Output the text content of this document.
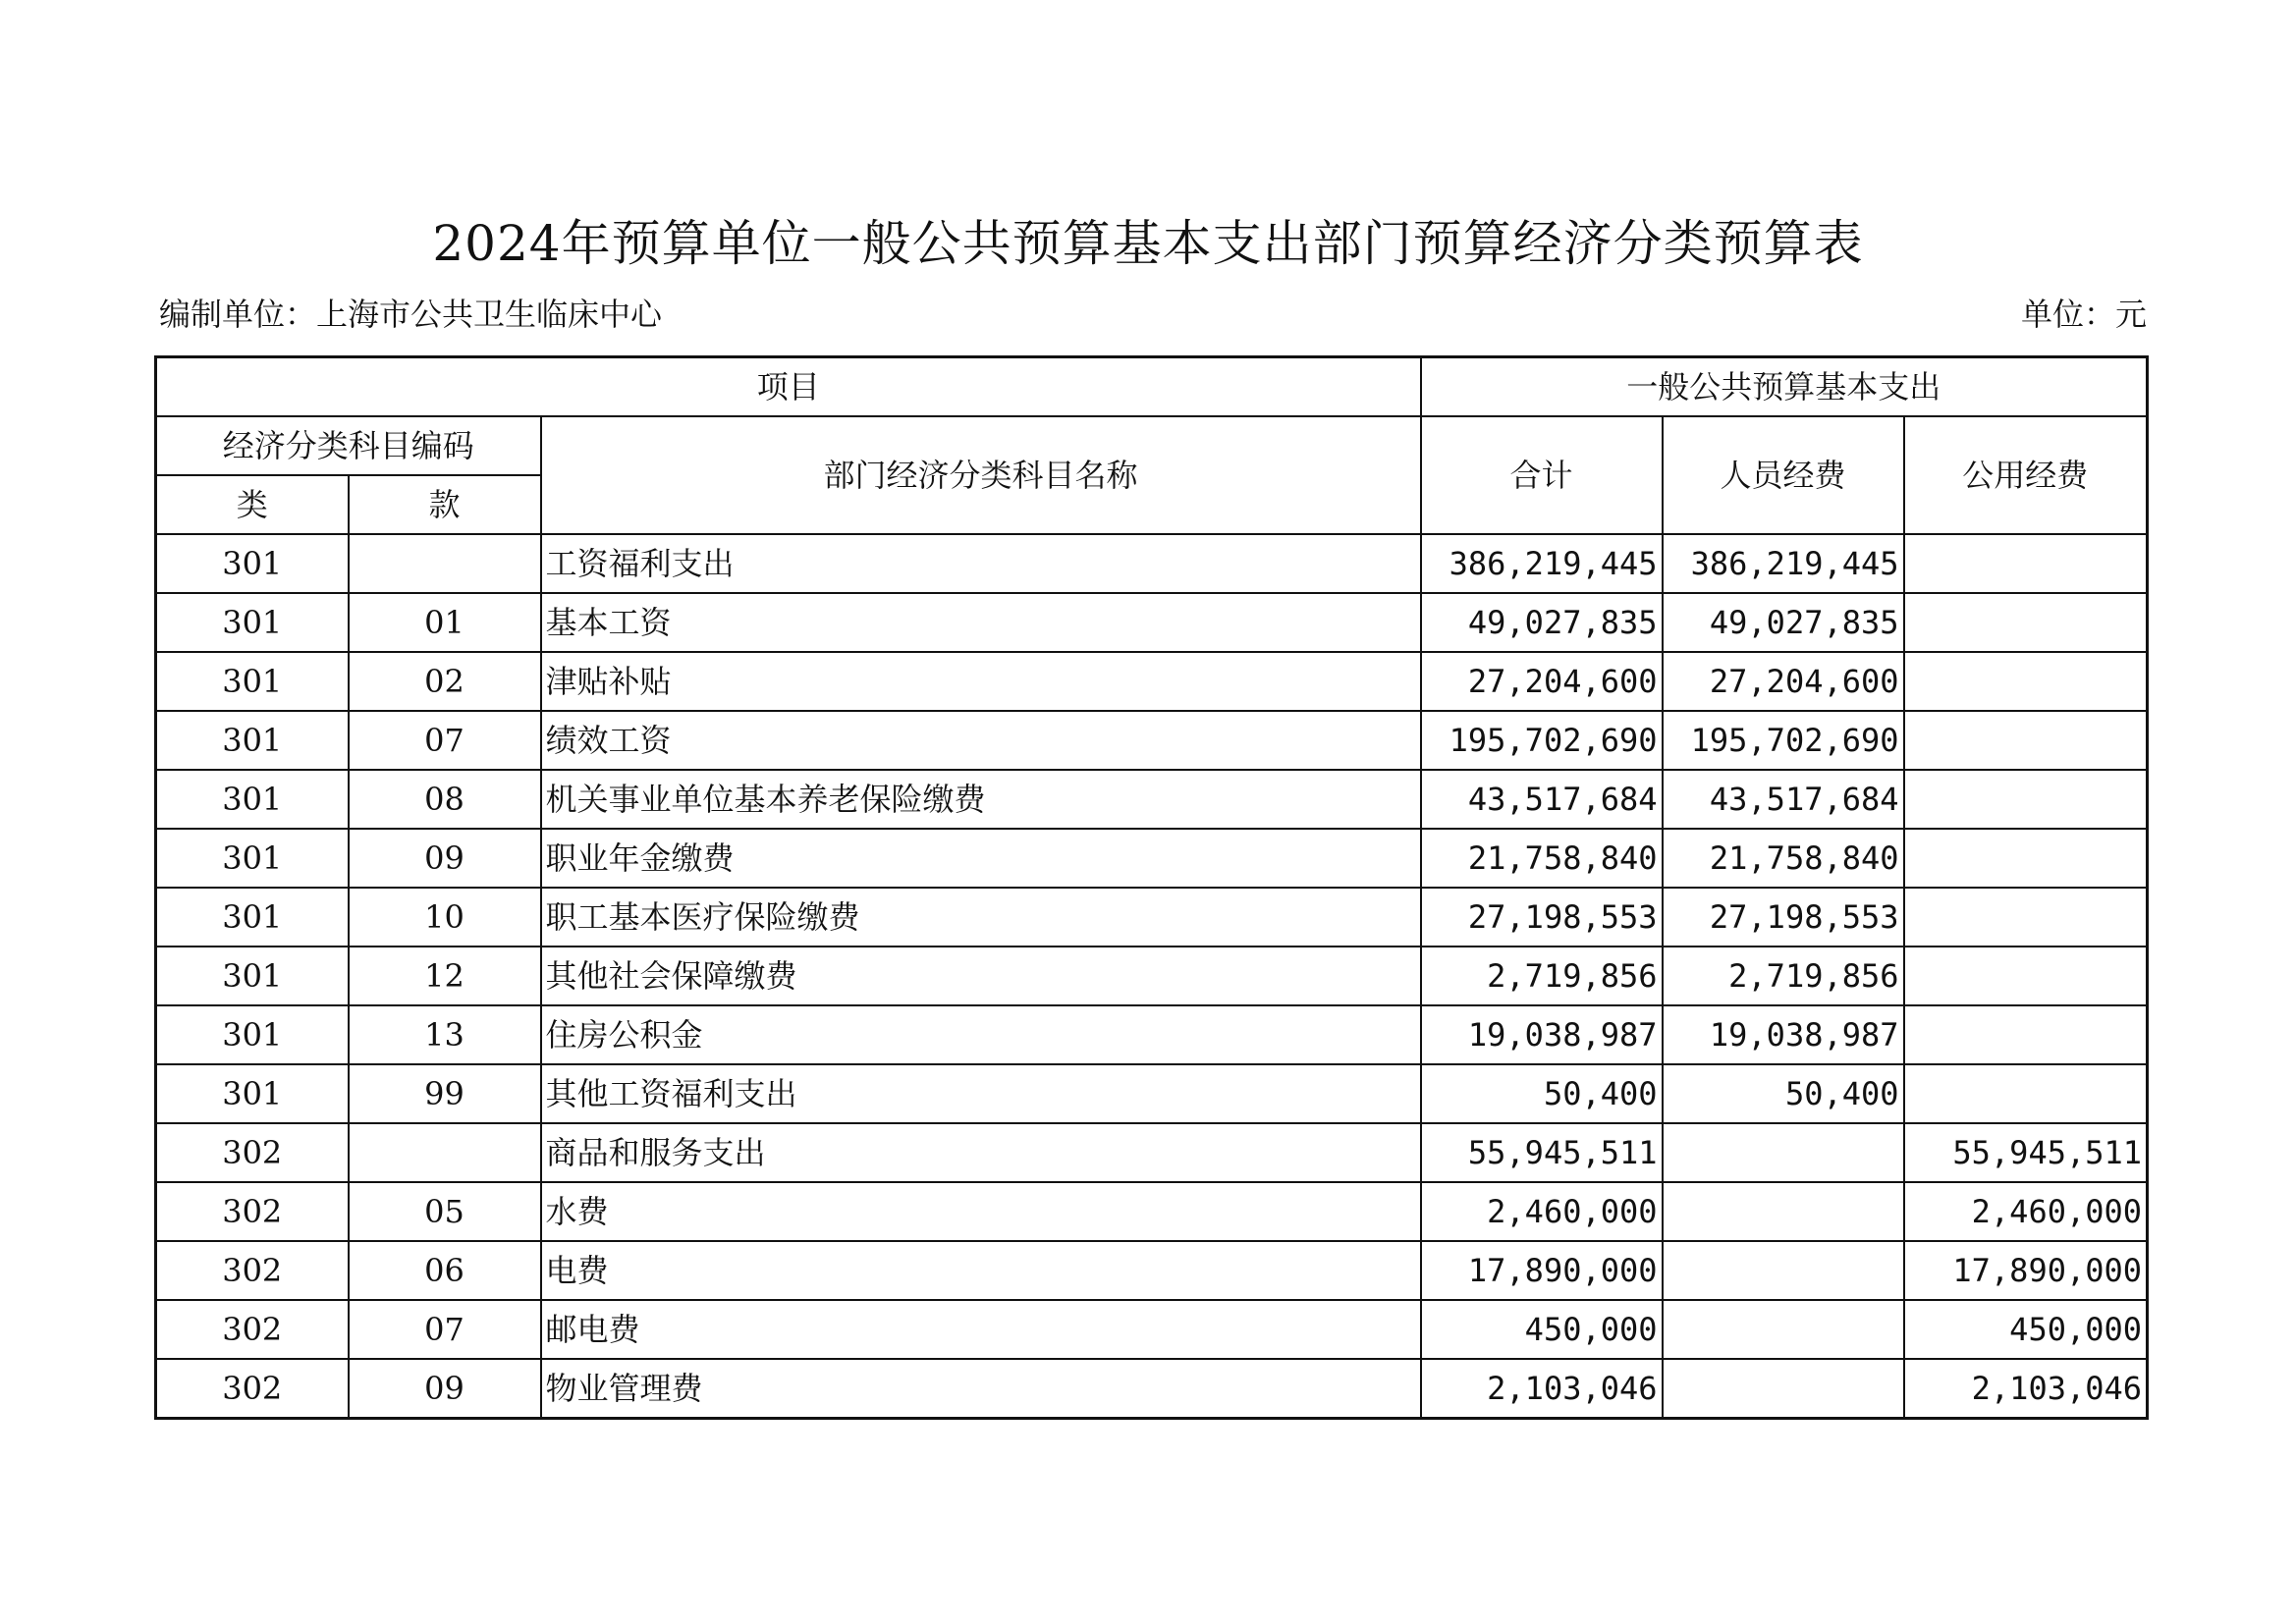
2024年预算单位一般公共预算基本支出部门预算经济分类预算表
编制单位：上海市公共卫生临床中心	单位：元
项目			一般公共预算基本支出		
经济分类科目编码		部门经济分类科目名称	合计	人员经费	公用经费
类	款				
301		工资福利支出	386,219,445	386,219,445	
301	01	基本工资	49,027,835	49,027,835	
301	02	津贴补贴	27,204,600	27,204,600	
301	07	绩效工资	195,702,690	195,702,690	
301	08	机关事业单位基本养老保险缴费	43,517,684	43,517,684	
301	09	职业年金缴费	21,758,840	21,758,840	
301	10	职工基本医疗保险缴费	27,198,553	27,198,553	
301	12	其他社会保障缴费	2,719,856	2,719,856	
301	13	住房公积金	19,038,987	19,038,987	
301	99	其他工资福利支出	50,400	50,400	
302		商品和服务支出	55,945,511		55,945,511
302	05	水费	2,460,000		2,460,000
302	06	电费	17,890,000		17,890,000
302	07	邮电费	450,000		450,000
302	09	物业管理费	2,103,046		2,103,046
